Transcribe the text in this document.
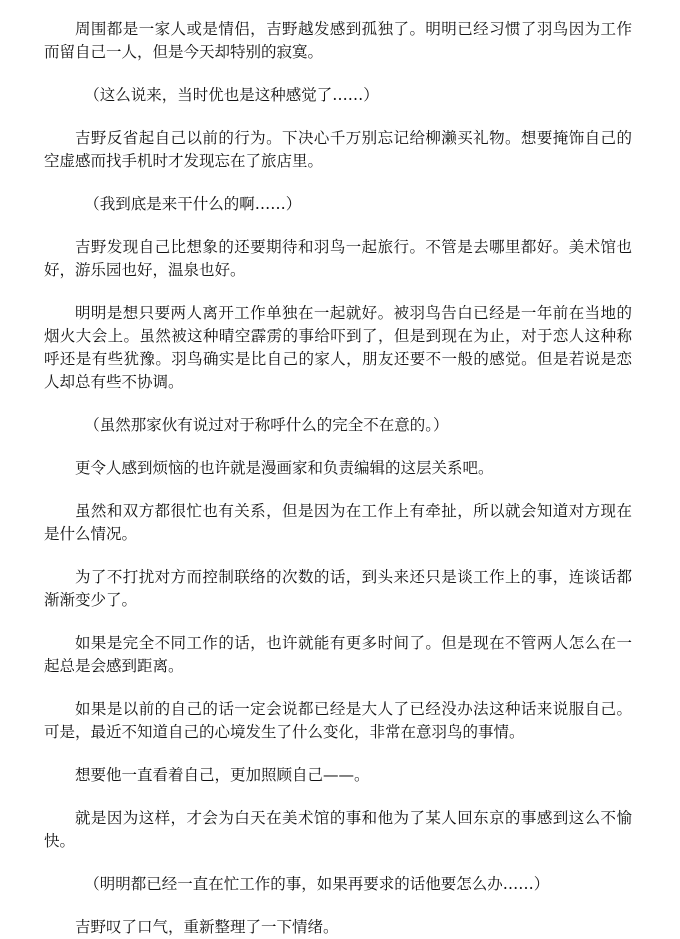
周围都是一家人或是情侣，吉野越发感到孤独了。明明已经习惯了羽鸟因为工作而留自己一人，但是今天却特别的寂寞。

（这么说来，当时优也是这种感觉了……）

吉野反省起自己以前的行为。下决心千万别忘记给柳濑买礼物。想要掩饰自己的空虚感而找手机时才发现忘在了旅店里。

（我到底是来干什么的啊……）

吉野发现自己比想象的还要期待和羽鸟一起旅行。不管是去哪里都好。美术馆也好，游乐园也好，温泉也好。

明明是想只要两人离开工作单独在一起就好。被羽鸟告白已经是一年前在当地的烟火大会上。虽然被这种晴空霹雳的事给吓到了，但是到现在为止，对于恋人这种称呼还是有些犹豫。羽鸟确实是比自己的家人，朋友还要不一般的感觉。但是若说是恋人却总有些不协调。

（虽然那家伙有说过对于称呼什么的完全不在意的。）

更令人感到烦恼的也许就是漫画家和负责编辑的这层关系吧。

虽然和双方都很忙也有关系，但是因为在工作上有牵扯，所以就会知道对方现在是什么情况。

为了不打扰对方而控制联络的次数的话，到头来还只是谈工作上的事，连谈话都渐渐变少了。

如果是完全不同工作的话，也许就能有更多时间了。但是现在不管两人怎么在一起总是会感到距离。

如果是以前的自己的话一定会说都已经是大人了已经没办法这种话来说服自己。可是，最近不知道自己的心境发生了什么变化，非常在意羽鸟的事情。

想要他一直看着自己，更加照顾自己——。

就是因为这样，才会为白天在美术馆的事和他为了某人回东京的事感到这么不愉快。

（明明都已经一直在忙工作的事，如果再要求的话他要怎么办……）

吉野叹了口气，重新整理了一下情绪。
